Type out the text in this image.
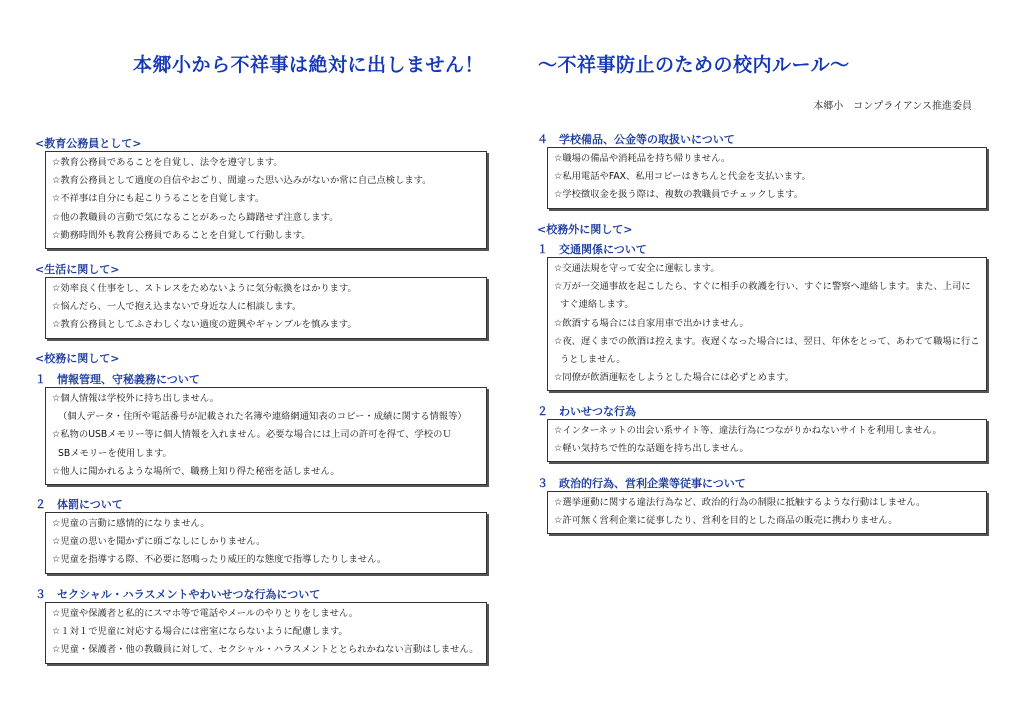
本郷小から不祥事は絶対に出しません！	～不祥事防止のための校内ルール～
本郷小　コンプライアンス推進委員

<教育公務員として>

☆教育公務員であることを自覚し、法令を遵守します。
☆教育公務員として過度の自信やおごり、間違った思い込みがないか常に自己点検します。
☆不祥事は自分にも起こりうることを自覚します。
☆他の教職員の言動で気になることがあったら躊躇せず注意します。
☆勤務時間外も教育公務員であることを自覚して行動します。

<生活に関して>

☆効率良く仕事をし、ストレスをためないように気分転換をはかります。
☆悩んだら、一人で抱え込まないで身近な人に相談します。
☆教育公務員としてふさわしくない過度の遊興やギャンブルを慎みます。

<校務に関して>

１　情報管理、守秘義務について

☆個人情報は学校外に持ち出しません。
（個人データ・住所や電話番号が記載された名簿や連絡網通知表のコピー・成績に関する情報等）
☆私物のUSBメモリー等に個人情報を入れません。必要な場合には上司の許可を得て、学校のＵ
SBメモリーを使用します。
☆他人に聞かれるような場所で、職務上知り得た秘密を話しません。

２　体罰について

☆児童の言動に感情的になりません。
☆児童の思いを聞かずに頭ごなしにしかりません。
☆児童を指導する際、不必要に怒鳴ったり威圧的な態度で指導したりしません。

３　セクシャル・ハラスメントやわいせつな行為について

☆児童や保護者と私的にスマホ等で電話やメールのやりとりをしません。
☆１対１で児童に対応する場合には密室にならないように配慮します。
☆児童・保護者・他の教職員に対して、セクシャル・ハラスメントととられかねない言動はしません。

４　学校備品、公金等の取扱いについて

☆職場の備品や消耗品を持ち帰りません。
☆私用電話やFAX、私用コピーはきちんと代金を支払います。
☆学校徴収金を扱う際は、複数の教職員でチェックします。

<校務外に関して>

１　交通関係について

☆交通法規を守って安全に運転します。
☆万が一交通事故を起こしたら、すぐに相手の救護を行い、すぐに警察へ連絡します。また、上司に
すぐ連絡します。
☆飲酒する場合には自家用車で出かけません。
☆夜、遅くまでの飲酒は控えます。夜遅くなった場合には、翌日、年休をとって、あわてて職場に行こ
うとしません。
☆同僚が飲酒運転をしようとした場合には必ずとめます。

２　わいせつな行為

☆インターネットの出会い系サイト等、違法行為につながりかねないサイトを利用しません。
☆軽い気持ちで性的な話題を持ち出しません。

３　政治的行為、営利企業等従事について

☆選挙運動に関する違法行為など、政治的行為の制限に抵触するような行動はしません。
☆許可無く営利企業に従事したり、営利を目的とした商品の販売に携わりません。
